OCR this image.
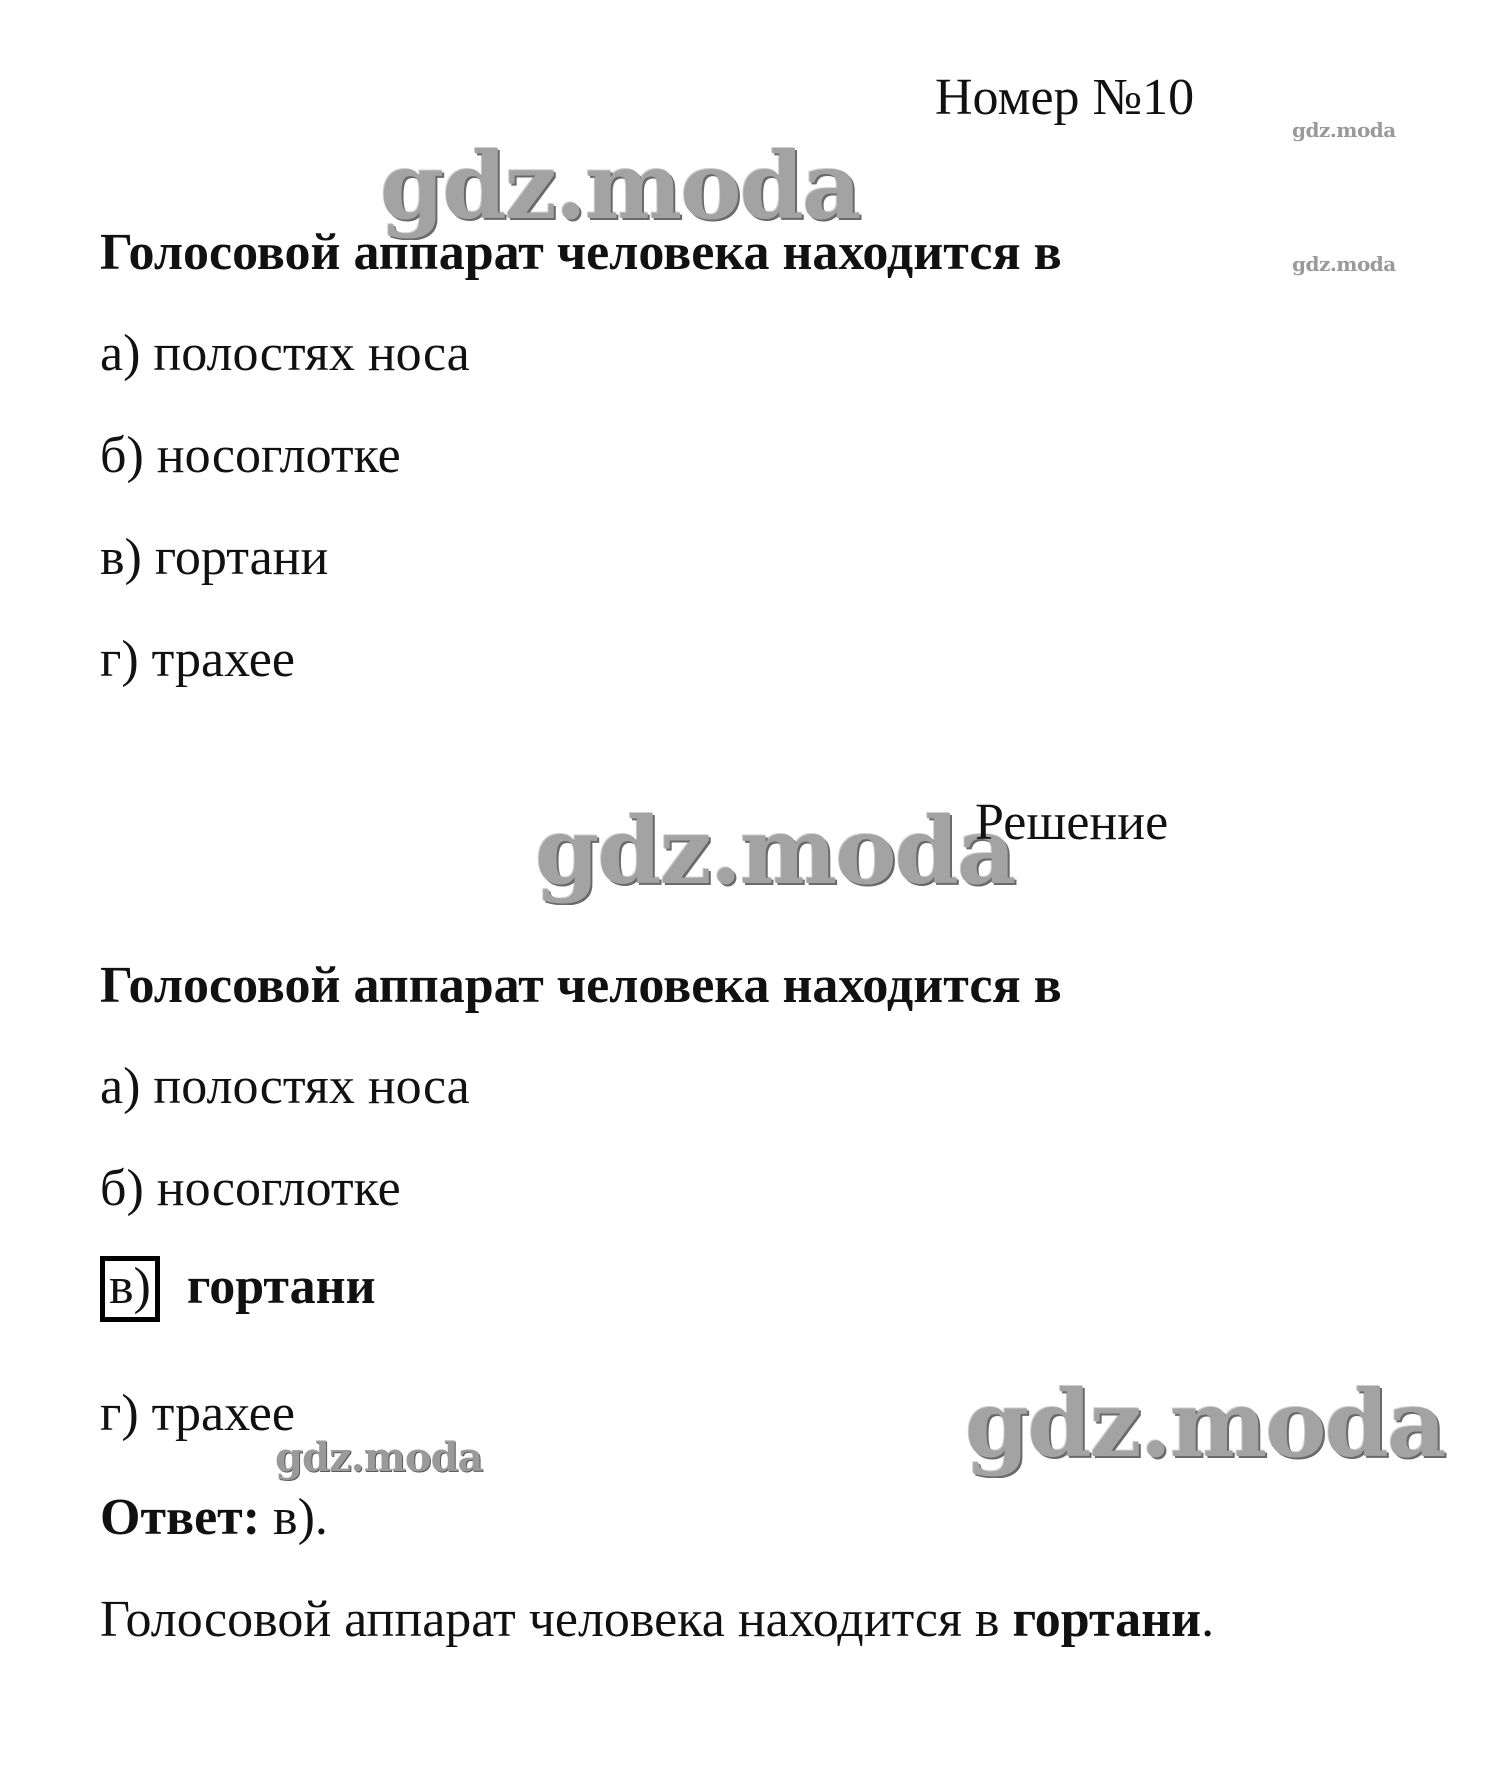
gdz.moda
gdz.moda
gdz.moda
gdz.moda
gdz.moda
gdz.moda
Номер №10
Голосовой аппарат человека находится в
а) полостях носа
б) носоглотке
в) гортани
г) трахее
Решение
Голосовой аппарат человека находится в
а) полостях носа
б) носоглотке
в) гортани
г) трахее
Ответ: в).
Голосовой аппарат человека находится в гортани.
